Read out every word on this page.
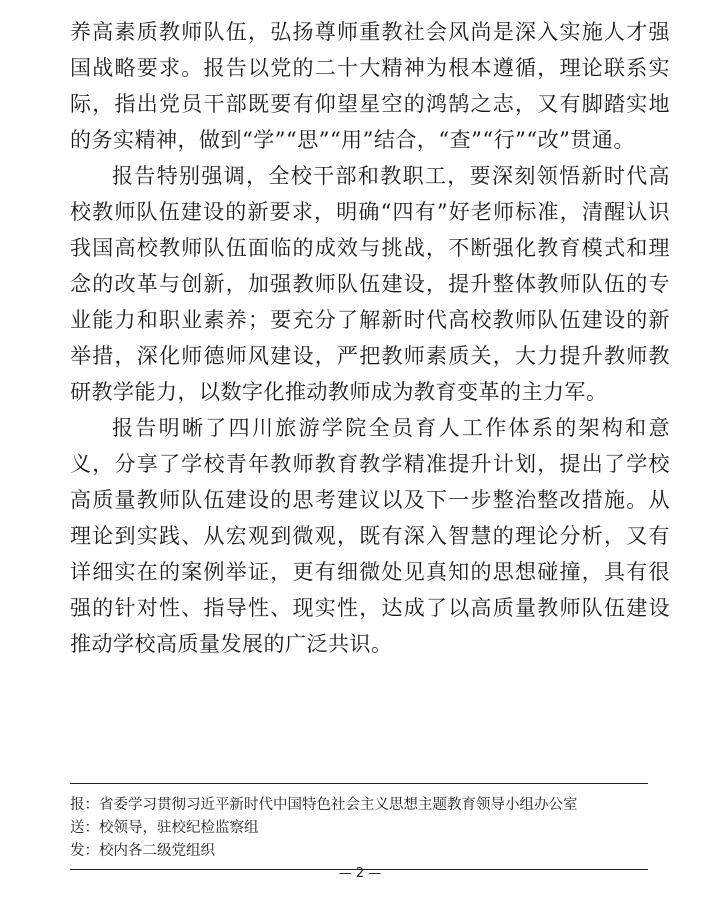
养高素质教师队伍，弘扬尊师重教社会风尚是深入实施人才强国战略要求。报告以党的二十大精神为根本遵循，理论联系实际，指出党员干部既要有仰望星空的鸿鹄之志，又有脚踏实地的务实精神，做到“学”“思”“用”结合，“查”“行”“改”贯通。

报告特别强调，全校干部和教职工，要深刻领悟新时代高校教师队伍建设的新要求，明确“四有”好老师标准，清醒认识我国高校教师队伍面临的成效与挑战，不断强化教育模式和理念的改革与创新，加强教师队伍建设，提升整体教师队伍的专业能力和职业素养；要充分了解新时代高校教师队伍建设的新举措，深化师德师风建设，严把教师素质关，大力提升教师教研教学能力，以数字化推动教师成为教育变革的主力军。

报告明晰了四川旅游学院全员育人工作体系的架构和意义，分享了学校青年教师教育教学精准提升计划，提出了学校高质量教师队伍建设的思考建议以及下一步整治整改措施。从理论到实践、从宏观到微观，既有深入智慧的理论分析，又有详细实在的案例举证，更有细微处见真知的思想碰撞，具有很强的针对性、指导性、现实性，达成了以高质量教师队伍建设推动学校高质量发展的广泛共识。

报：省委学习贯彻习近平新时代中国特色社会主义思想主题教育领导小组办公室
送：校领导，驻校纪检监察组
发：校内各二级党组织
— 2 —
